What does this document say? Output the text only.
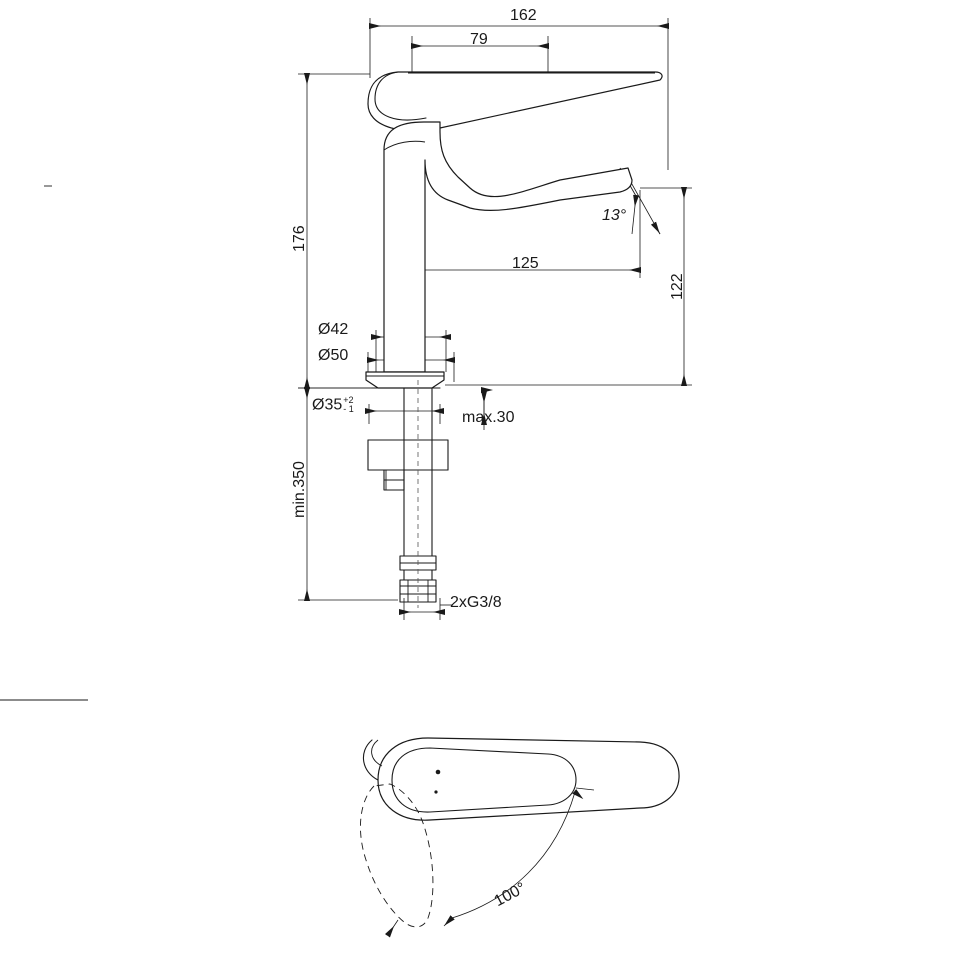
162
79
176
122
min.350
125
13°
Ø42
Ø50
Ø35 +2
- 1	max.30
2xG3/8
100°
